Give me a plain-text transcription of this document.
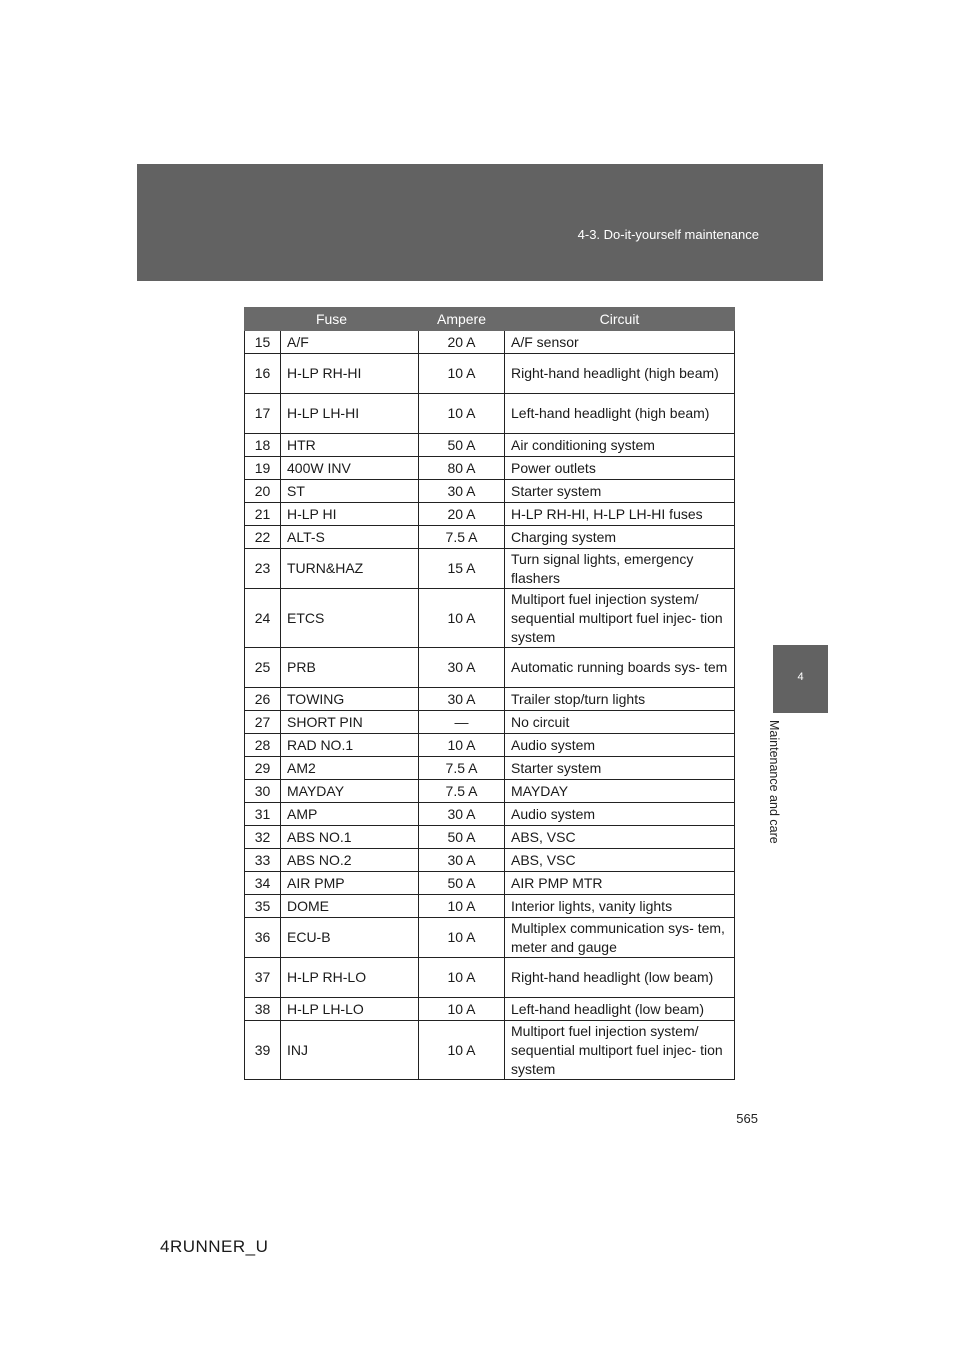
4-3. Do-it-yourself maintenance
4
Maintenance and care
Fuse		Ampere	Circuit
15	A/F	20 A	A/F sensor
16	H-LP RH-HI	10 A	Right-hand headlight (high beam)
17	H-LP LH-HI	10 A	Left-hand headlight (high beam)
18	HTR	50 A	Air conditioning system
19	400W INV	80 A	Power outlets
20	ST	30 A	Starter system
21	H-LP HI	20 A	H-LP RH-HI, H-LP LH-HI fuses
22	ALT-S	7.5 A	Charging system
23	TURN&HAZ	15 A	Turn signal lights, emergency flashers
24	ETCS	10 A	Multiport fuel injection system/ sequential multiport fuel injec- tion system
25	PRB	30 A	Automatic running boards sys- tem
26	TOWING	30 A	Trailer stop/turn lights
27	SHORT PIN	—	No circuit
28	RAD NO.1	10 A	Audio system
29	AM2	7.5 A	Starter system
30	MAYDAY	7.5 A	MAYDAY
31	AMP	30 A	Audio system
32	ABS NO.1	50 A	ABS, VSC
33	ABS NO.2	30 A	ABS, VSC
34	AIR PMP	50 A	AIR PMP MTR
35	DOME	10 A	Interior lights, vanity lights
36	ECU-B	10 A	Multiplex communication sys- tem, meter and gauge
37	H-LP RH-LO	10 A	Right-hand headlight (low beam)
38	H-LP LH-LO	10 A	Left-hand headlight (low beam)
39	INJ	10 A	Multiport fuel injection system/ sequential multiport fuel injec- tion system
565
4RUNNER_U
